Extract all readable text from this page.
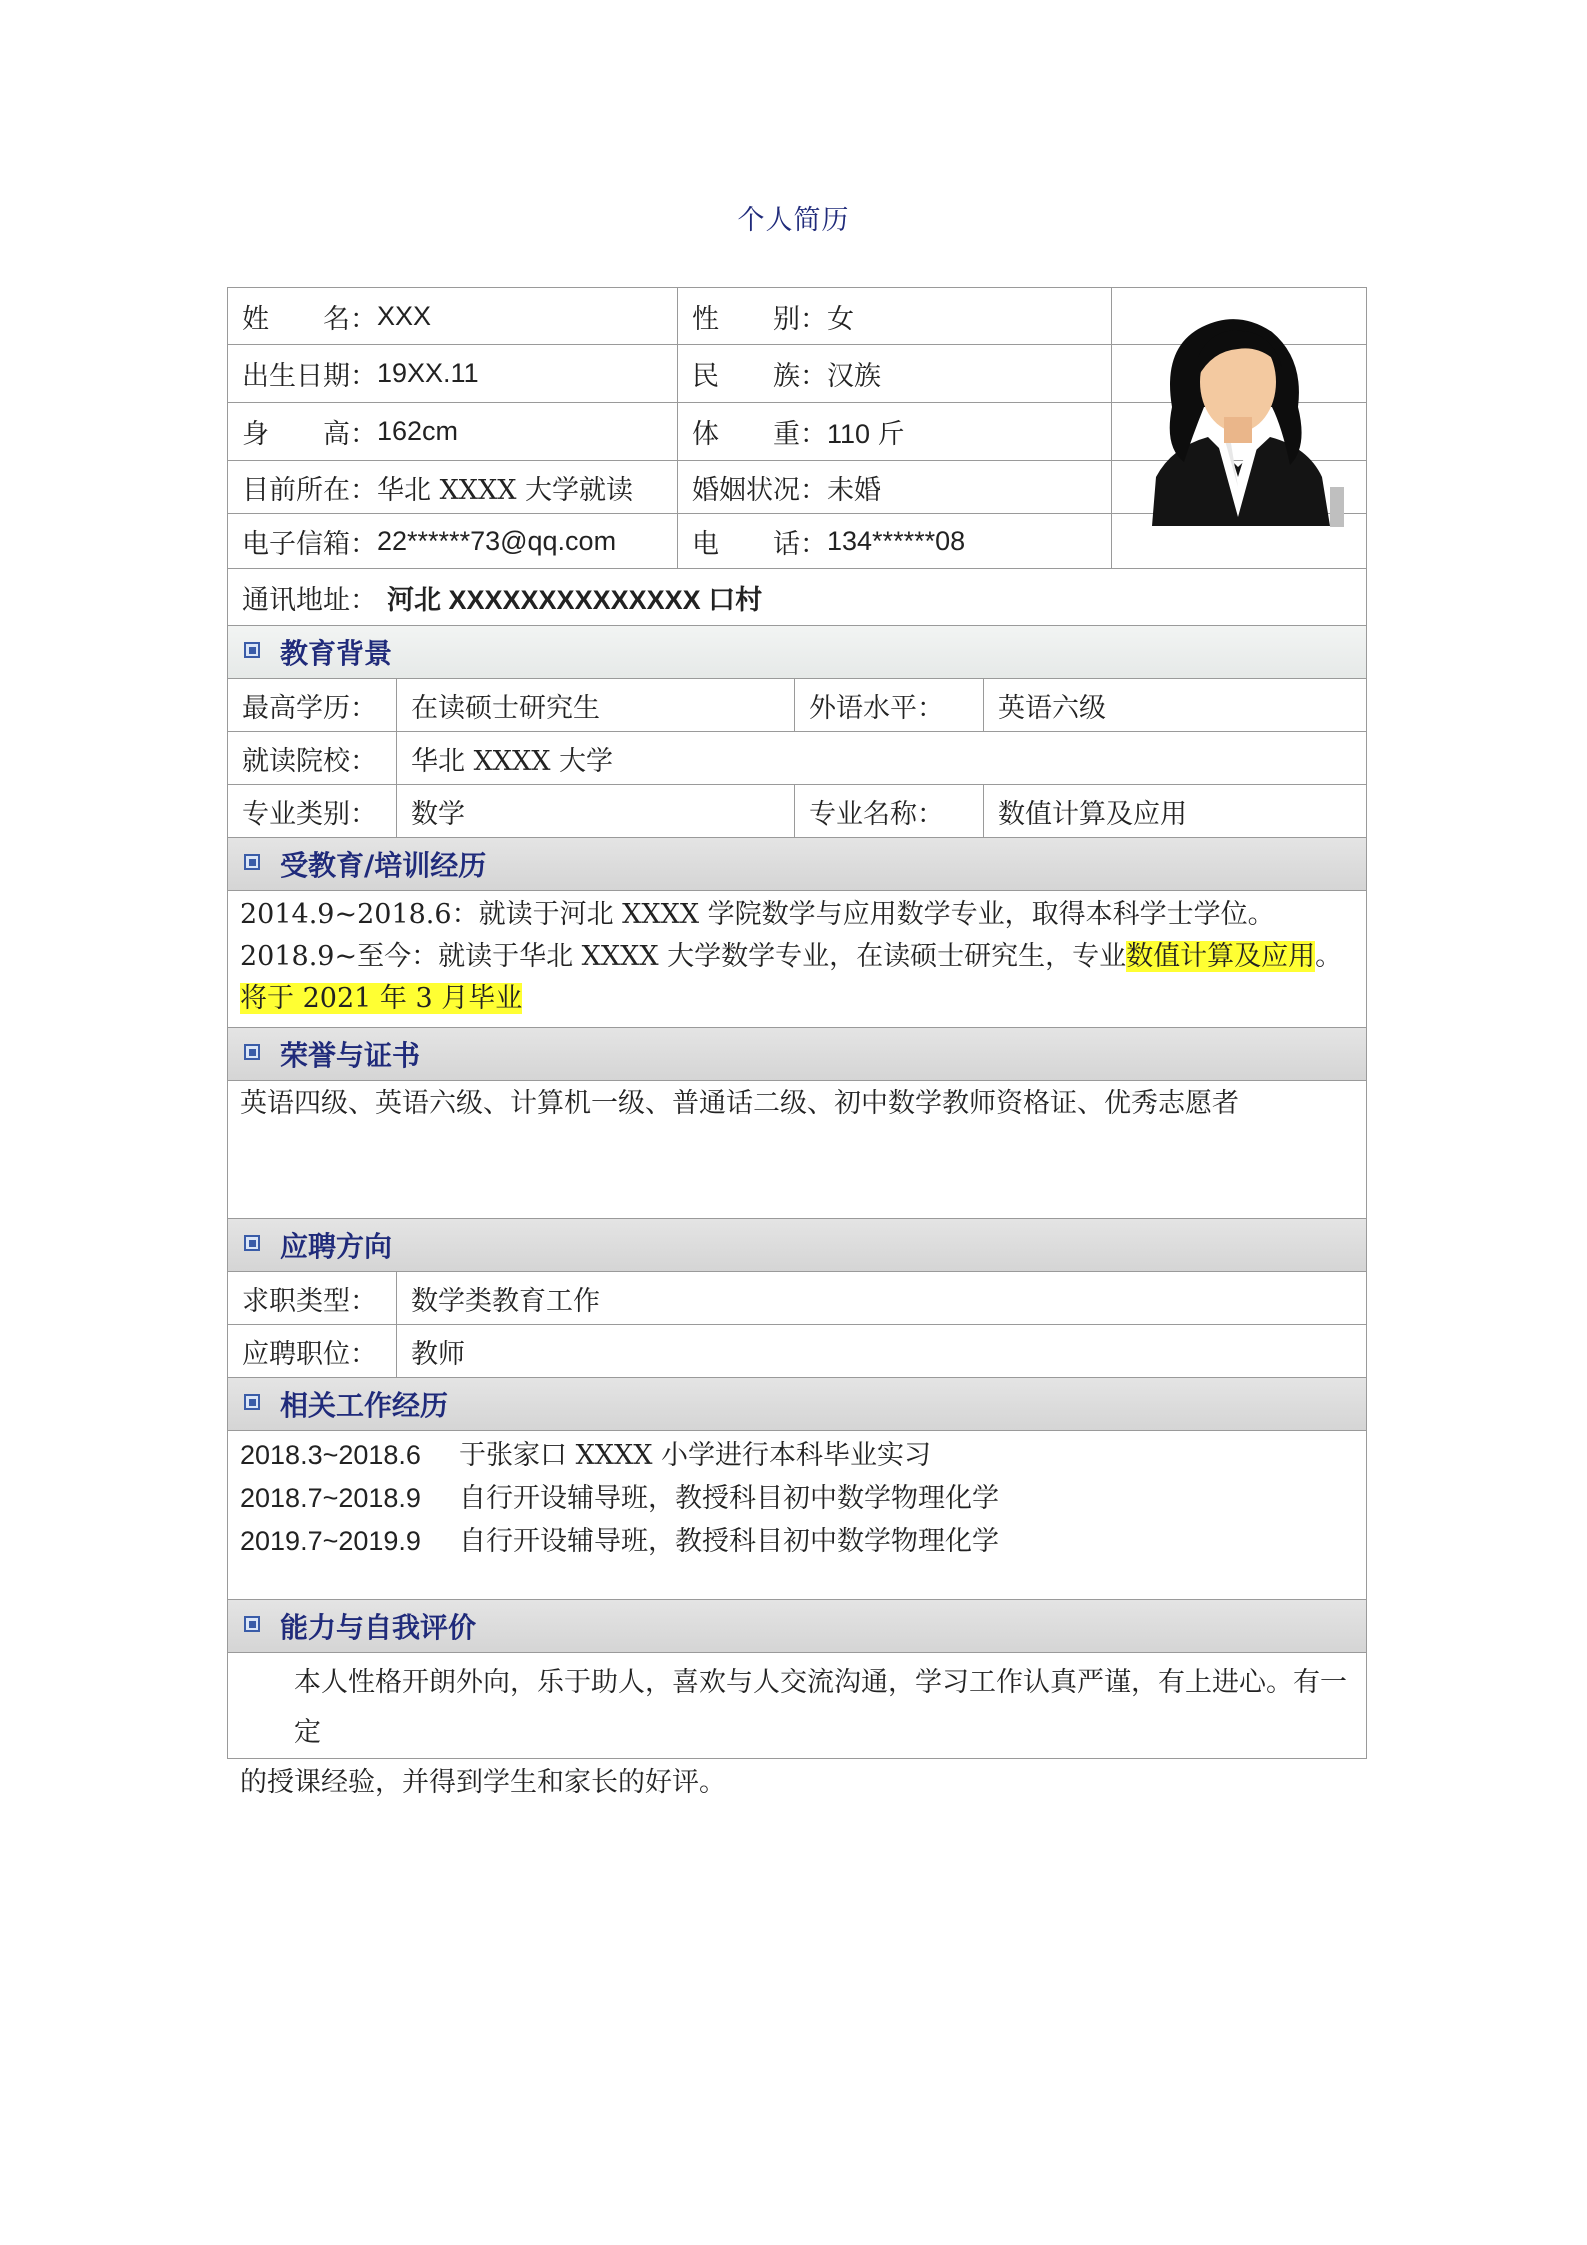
个人简历
姓　　名： XXX	性　　别： 女
出生日期： 19XX.11	民　　族： 汉族
身　　高： 162cm	体　　重： 110 斤
目前所在： 华北 XXXX 大学就读 婚姻状况： 未婚
电子信箱： 22******73@qq.com	电　　话： 134******08
通讯地址： 河北 XXXXXXXXXXXXXX 口村
教育背景
最高学历：	在读硕士研究生	外语水平：	英语六级
就读院校：	华北 XXXX 大学
专业类别：	数学	专业名称：	数值计算及应用
受教育/培训经历
2014.9~2018.6：就读于河北 XXXX 学院数学与应用数学专业，取得本科学士学位。
2018.9~至今：就读于华北 XXXX 大学数学专业，在读硕士研究生，专业数值计算及应用。
将于 2021 年 3 月毕业
荣誉与证书
英语四级、英语六级、计算机一级、普通话二级、初中数学教师资格证、优秀志愿者
应聘方向
求职类型：	数学类教育工作
应聘职位：	教师
相关工作经历
2018.3~2018.6 于张家口 XXXX 小学进行本科毕业实习
2018.7~2018.9 自行开设辅导班，教授科目初中数学物理化学
2019.7~2019.9 自行开设辅导班，教授科目初中数学物理化学
能力与自我评价
本人性格开朗外向，乐于助人，喜欢与人交流沟通，学习工作认真严谨，有上进心。有一定
的授课经验，并得到学生和家长的好评。
